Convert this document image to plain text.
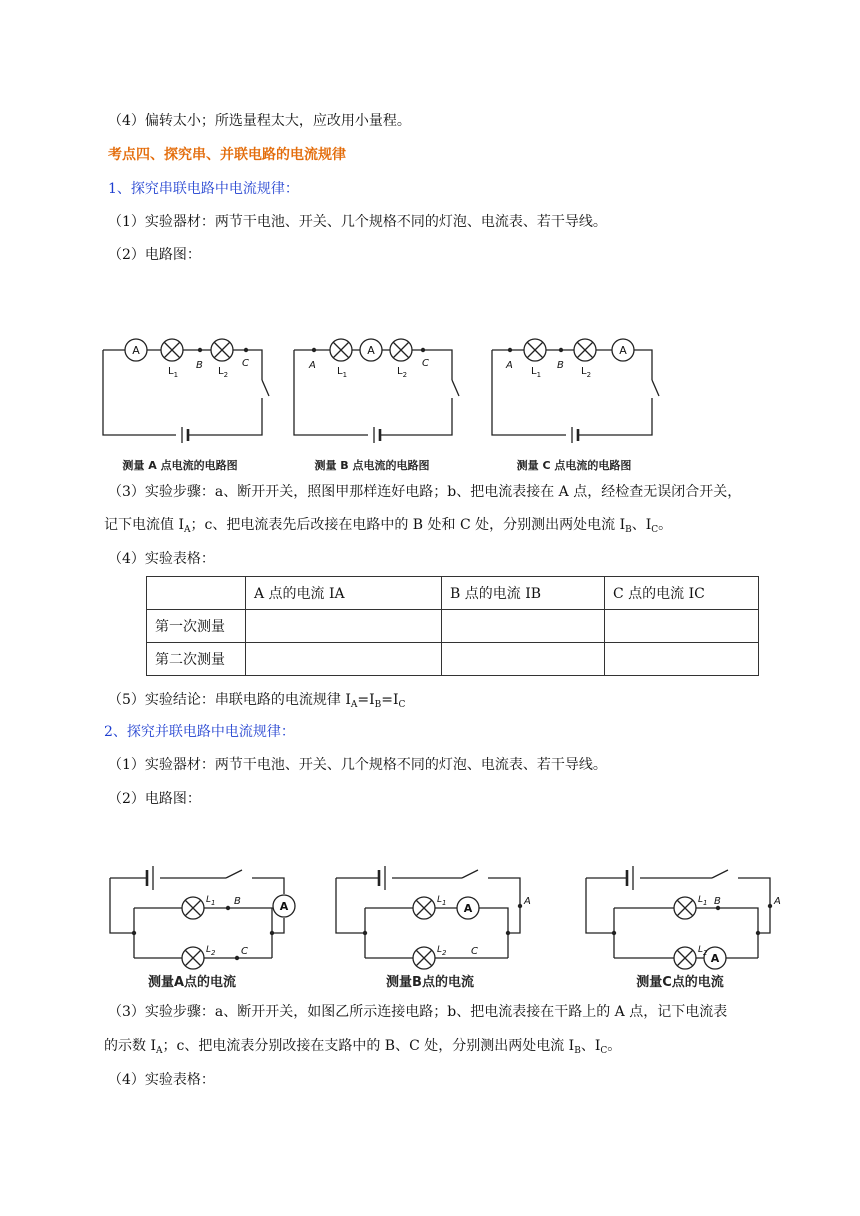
（4）偏转太小；所选量程太大，应改用小量程。
考点四、探究串、并联电路的电流规律
1、探究串联电路中电流规律：
（1）实验器材：两节干电池、开关、几个规格不同的灯泡、电流表、若干导线。
（2）电路图：
A	A	A
B	C	A	C	A	B
$L_1$	$L_2$	$L_1$	$L_2$	$L_1$	$L_2$
测量 A 点电流的电路图	测量 B 点电流的电路图	测量 C 点电流的电路图
（3）实验步骤：a、断开开关，照图甲那样连好电路；b、把电流表接在 A 点，经检查无误闭合开关，
记下电流值 $I_A$；c、把电流表先后改接在电路中的 B 处和 C 处，分别测出两处电流 $I_B$、$I_C$。
（4）实验表格：
	A 点的电流 IA	B 点的电流 IB	C 点的电流 IC
第一次测量			
第二次测量			
（5）实验结论：串联电路的电流规律 $I_A=I_B=I_C$
2、探究并联电路中电流规律：
（1）实验器材：两节干电池、开关、几个规格不同的灯泡、电流表、若干导线。
（2）电路图：
A	A
A
B
C
A
C
A
B
$L_1$
$L_2$
$L_1$
$L_2$
$L_1$
$L_2$
测量A点的电流	测量B点的电流	测量C点的电流
（3）实验步骤：a、断开开关，如图乙所示连接电路；b、把电流表接在干路上的 A 点，记下电流表
的示数 $I_A$；c、把电流表分别改接在支路中的 B、C 处，分别测出两处电流 $I_B$、$I_C$。
（4）实验表格：
